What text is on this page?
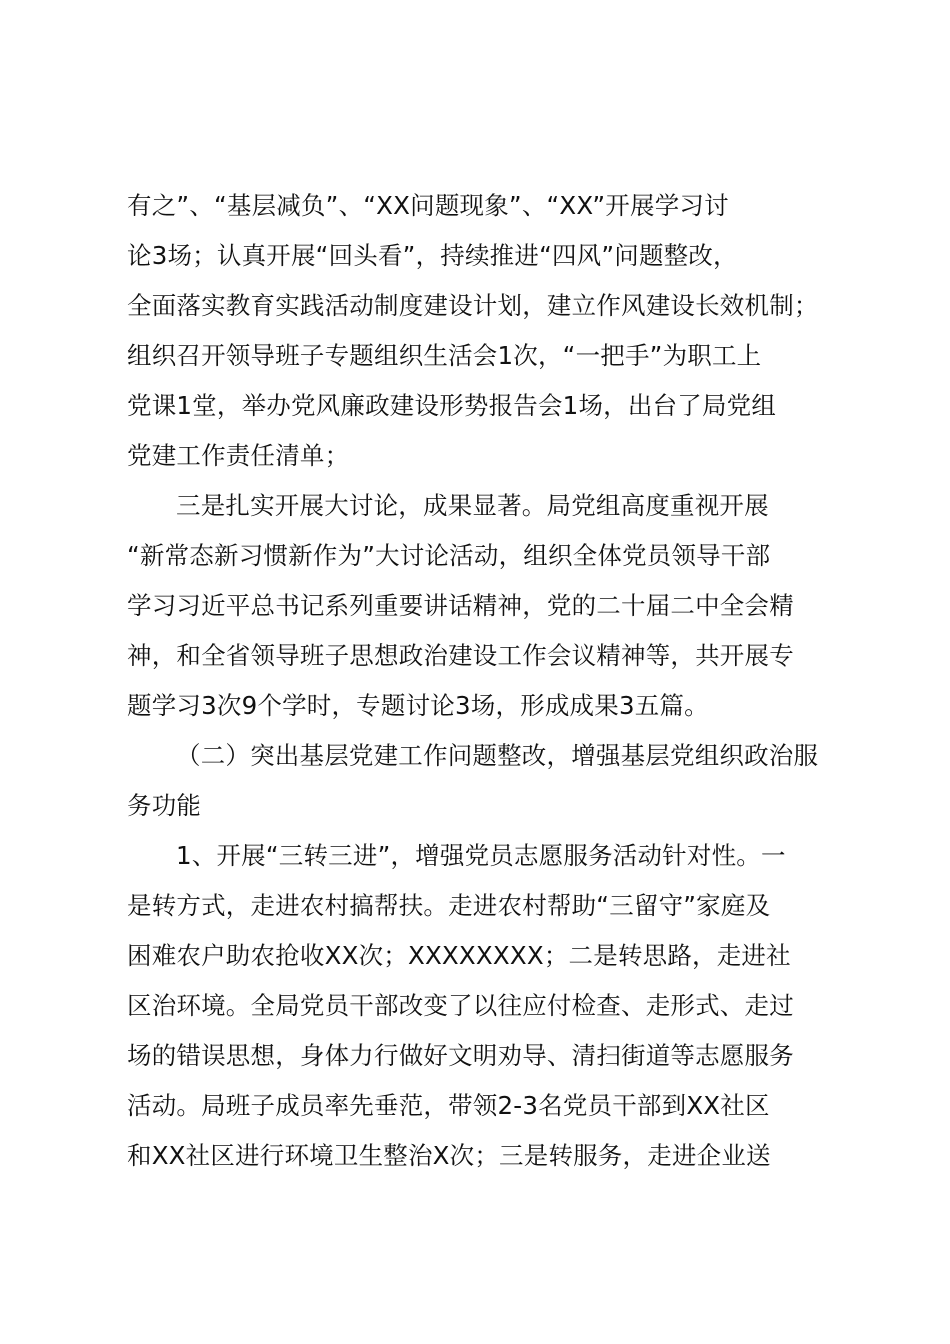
有之”、“基层减负”、“XX问题现象”、“XX”开展学习讨
论3场；认真开展“回头看”，持续推进“四风”问题整改，
全面落实教育实践活动制度建设计划，建立作风建设长效机制；
组织召开领导班子专题组织生活会1次，“一把手”为职工上
党课1堂，举办党风廉政建设形势报告会1场，出台了局党组
党建工作责任清单；
三是扎实开展大讨论，成果显著。局党组高度重视开展
“新常态新习惯新作为”大讨论活动，组织全体党员领导干部
学习习近平总书记系列重要讲话精神，党的二十届二中全会精
神，和全省领导班子思想政治建设工作会议精神等，共开展专
题学习3次9个学时，专题讨论3场，形成成果3五篇。
（二）突出基层党建工作问题整改，增强基层党组织政治服
务功能
1、开展“三转三进”，增强党员志愿服务活动针对性。一
是转方式，走进农村搞帮扶。走进农村帮助“三留守”家庭及
困难农户助农抢收XX次；XXXXXXXX；二是转思路，走进社
区治环境。全局党员干部改变了以往应付检查、走形式、走过
场的错误思想，身体力行做好文明劝导、清扫街道等志愿服务
活动。局班子成员率先垂范，带领2-3名党员干部到XX社区
和XX社区进行环境卫生整治X次；三是转服务，走进企业送
